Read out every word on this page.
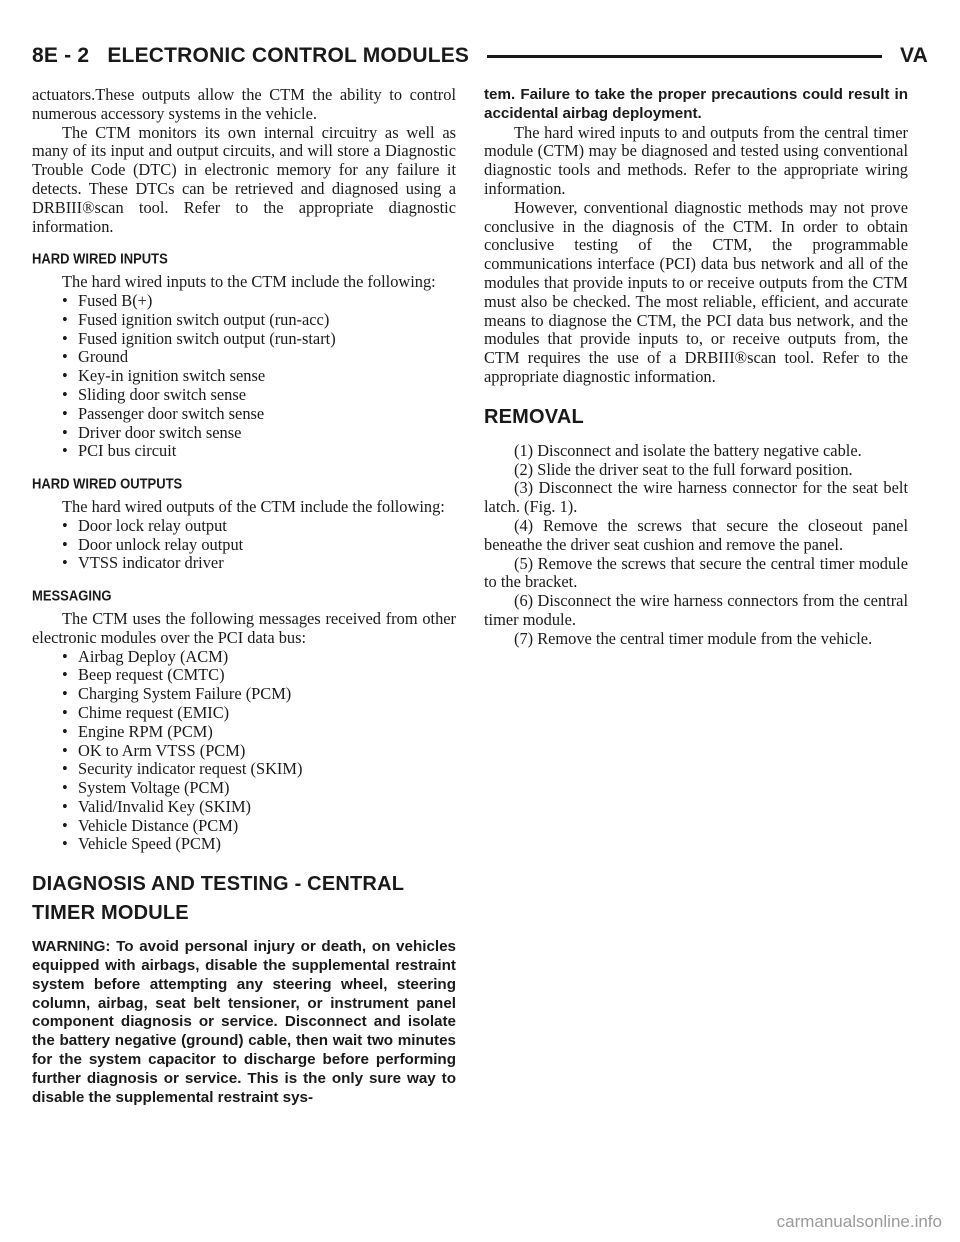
8E - 2   ELECTRONIC CONTROL MODULES	VA

actuators.These outputs allow the CTM the ability to control numerous accessory systems in the vehicle.

The CTM monitors its own internal circuitry as well as many of its input and output circuits, and will store a Diagnostic Trouble Code (DTC) in electronic memory for any failure it detects. These DTCs can be retrieved and diagnosed using a DRBIII®scan tool. Refer to the appropriate diagnostic information.

HARD WIRED INPUTS

The hard wired inputs to the CTM include the following:

• Fused B(+)
• Fused ignition switch output (run-acc)
• Fused ignition switch output (run-start)
• Ground
• Key-in ignition switch sense
• Sliding door switch sense
• Passenger door switch sense
• Driver door switch sense
• PCI bus circuit
HARD WIRED OUTPUTS

The hard wired outputs of the CTM include the following:

• Door lock relay output
• Door unlock relay output
• VTSS indicator driver
MESSAGING

The CTM uses the following messages received from other electronic modules over the PCI data bus:

• Airbag Deploy (ACM)
• Beep request (CMTC)
• Charging System Failure (PCM)
• Chime request (EMIC)
• Engine RPM (PCM)
• OK to Arm VTSS (PCM)
• Security indicator request (SKIM)
• System Voltage (PCM)
• Valid/Invalid Key (SKIM)
• Vehicle Distance (PCM)
• Vehicle Speed (PCM)
DIAGNOSIS AND TESTING - CENTRAL TIMER MODULE

WARNING: To avoid personal injury or death, on vehicles equipped with airbags, disable the supplemental restraint system before attempting any steering wheel, steering column, airbag, seat belt tensioner, or instrument panel component diagnosis or service. Disconnect and isolate the battery negative (ground) cable, then wait two minutes for the system capacitor to discharge before performing further diagnosis or service. This is the only sure way to disable the supplemental restraint sys-

tem. Failure to take the proper precautions could result in accidental airbag deployment.

The hard wired inputs to and outputs from the central timer module (CTM) may be diagnosed and tested using conventional diagnostic tools and methods. Refer to the appropriate wiring information.

However, conventional diagnostic methods may not prove conclusive in the diagnosis of the CTM. In order to obtain conclusive testing of the CTM, the programmable communications interface (PCI) data bus network and all of the modules that provide inputs to or receive outputs from the CTM must also be checked. The most reliable, efficient, and accurate means to diagnose the CTM, the PCI data bus network, and the modules that provide inputs to, or receive outputs from, the CTM requires the use of a DRBIII®scan tool. Refer to the appropriate diagnostic information.

REMOVAL

(1) Disconnect and isolate the battery negative cable.

(2) Slide the driver seat to the full forward position.

(3) Disconnect the wire harness connector for the seat belt latch. (Fig. 1).

(4) Remove the screws that secure the closeout panel beneathe the driver seat cushion and remove the panel.

(5) Remove the screws that secure the central timer module to the bracket.

(6) Disconnect the wire harness connectors from the central timer module.

(7) Remove the central timer module from the vehicle.

carmanualsonline.info
